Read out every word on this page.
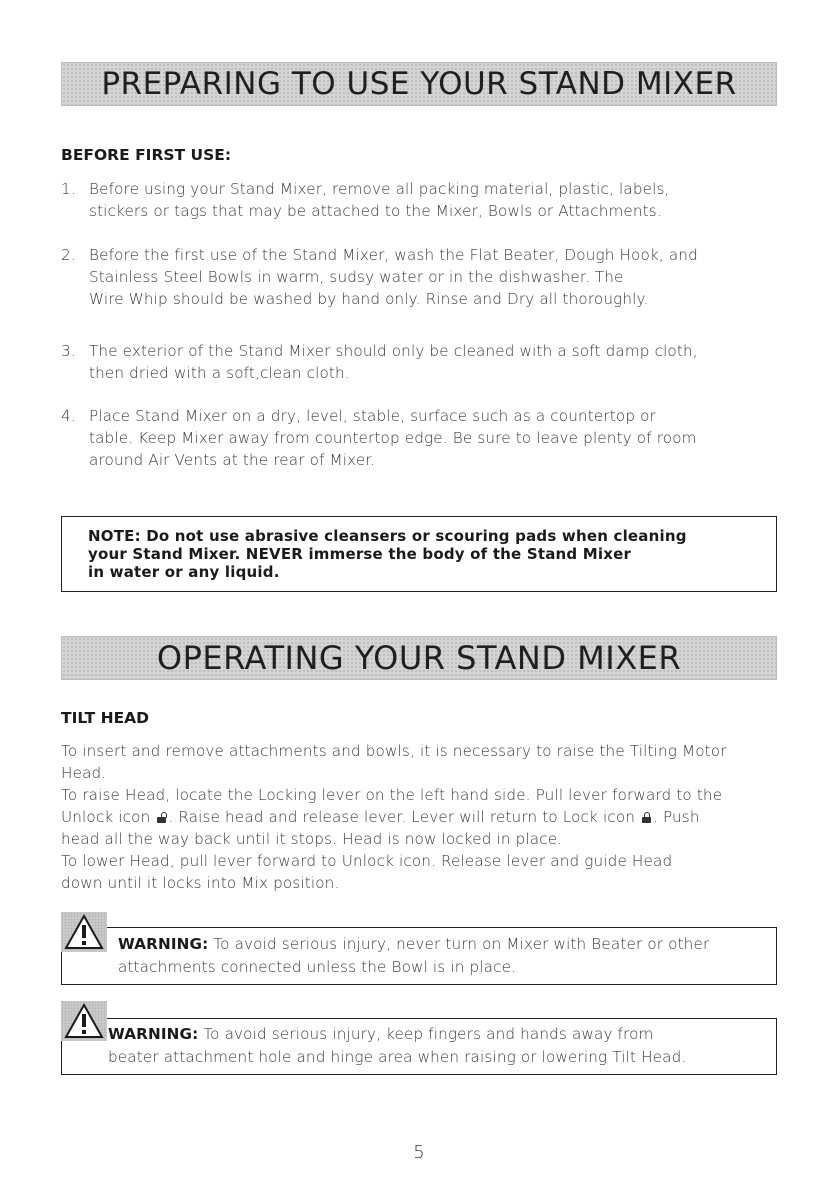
PREPARING TO USE YOUR STAND MIXER
BEFORE FIRST USE:
1. Before using your Stand Mixer, remove all packing material, plastic, labels,
stickers or tags that may be attached to the Mixer, Bowls or Attachments.
2. Before the first use of the Stand Mixer, wash the Flat Beater, Dough Hook, and
Stainless Steel Bowls in warm, sudsy water or in the dishwasher. The
Wire Whip should be washed by hand only. Rinse and Dry all thoroughly.
3. The exterior of the Stand Mixer should only be cleaned with a soft damp cloth,
then dried with a soft,clean cloth.
4. Place Stand Mixer on a dry, level, stable, surface such as a countertop or
table. Keep Mixer away from countertop edge. Be sure to leave plenty of room
around Air Vents at the rear of Mixer.
NOTE: Do not use abrasive cleansers or scouring pads when cleaning
your Stand Mixer. NEVER immerse the body of the Stand Mixer
in water or any liquid.
OPERATING YOUR STAND MIXER
TILT HEAD

To insert and remove attachments and bowls, it is necessary to raise the Tilting Motor

Head.

To raise Head, locate the Locking lever on the left hand side. Pull lever forward to the

Unlock icon . Raise head and release lever. Lever will return to Lock icon . Push

head all the way back until it stops. Head is now locked in place.

To lower Head, pull lever forward to Unlock icon. Release lever and guide Head

down until it locks into Mix position.

WARNING: To avoid serious injury, never turn on Mixer with Beater or other
attachments connected unless the Bowl is in place.
WARNING: To avoid serious injury, keep fingers and hands away from
beater attachment hole and hinge area when raising or lowering Tilt Head.
5
